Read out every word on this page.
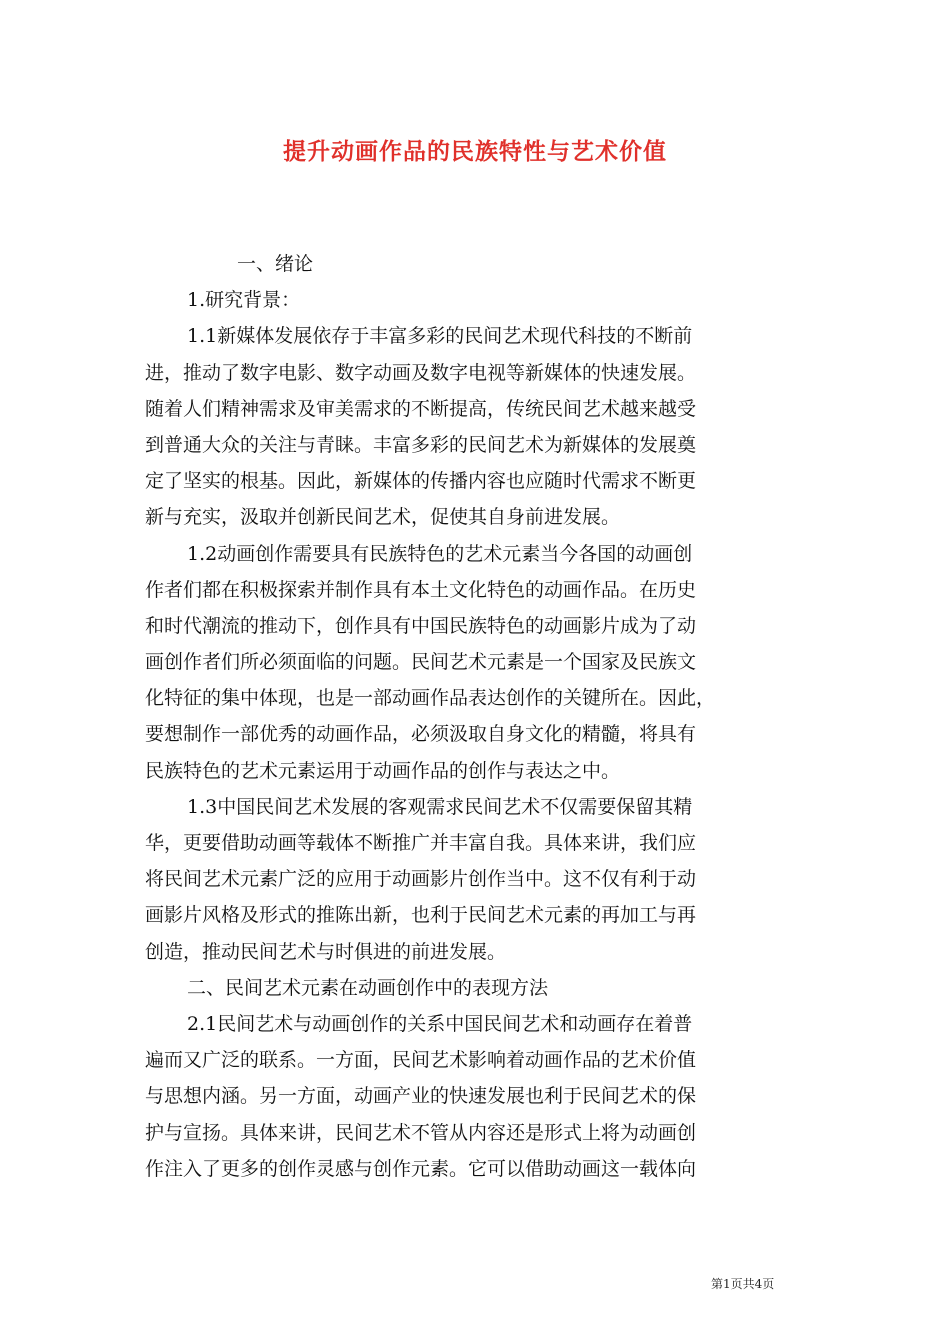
提升动画作品的民族特性与艺术价值
一、绪论
1.研究背景：
1.1新媒体发展依存于丰富多彩的民间艺术现代科技的不断前
进，推动了数字电影、数字动画及数字电视等新媒体的快速发展。
随着人们精神需求及审美需求的不断提高，传统民间艺术越来越受
到普通大众的关注与青睐。丰富多彩的民间艺术为新媒体的发展奠
定了坚实的根基。因此，新媒体的传播内容也应随时代需求不断更
新与充实，汲取并创新民间艺术，促使其自身前进发展。
1.2动画创作需要具有民族特色的艺术元素当今各国的动画创
作者们都在积极探索并制作具有本土文化特色的动画作品。在历史
和时代潮流的推动下，创作具有中国民族特色的动画影片成为了动
画创作者们所必须面临的问题。民间艺术元素是一个国家及民族文
化特征的集中体现，也是一部动画作品表达创作的关键所在。因此，
要想制作一部优秀的动画作品，必须汲取自身文化的精髓，将具有
民族特色的艺术元素运用于动画作品的创作与表达之中。
1.3中国民间艺术发展的客观需求民间艺术不仅需要保留其精
华，更要借助动画等载体不断推广并丰富自我。具体来讲，我们应
将民间艺术元素广泛的应用于动画影片创作当中。这不仅有利于动
画影片风格及形式的推陈出新，也利于民间艺术元素的再加工与再
创造，推动民间艺术与时俱进的前进发展。
二、民间艺术元素在动画创作中的表现方法
2.1民间艺术与动画创作的关系中国民间艺术和动画存在着普
遍而又广泛的联系。一方面，民间艺术影响着动画作品的艺术价值
与思想内涵。另一方面，动画产业的快速发展也利于民间艺术的保
护与宣扬。具体来讲，民间艺术不管从内容还是形式上将为动画创
作注入了更多的创作灵感与创作元素。它可以借助动画这一载体向
第1页共4页
